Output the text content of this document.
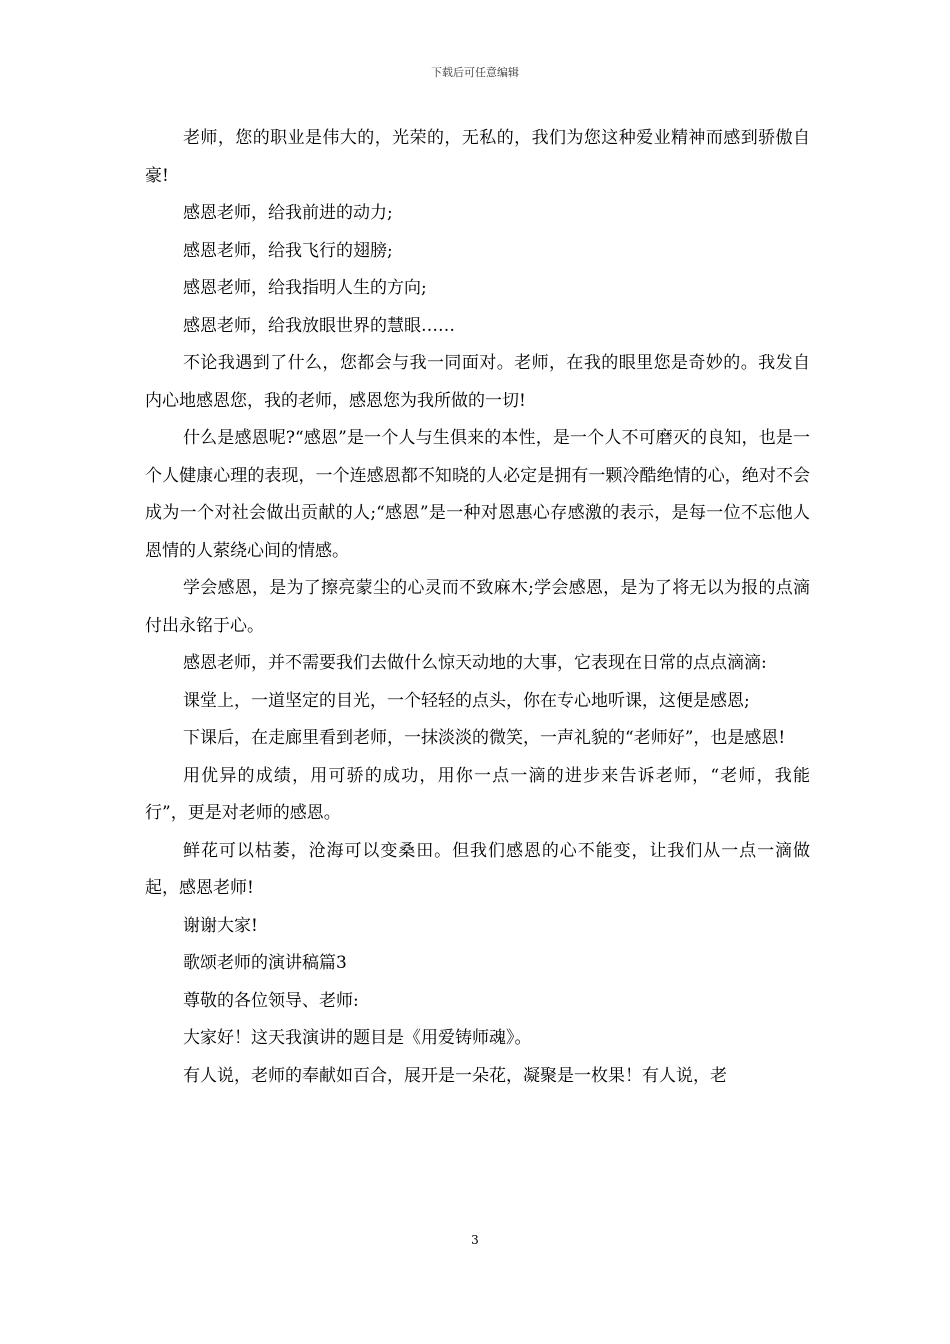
下载后可任意编辑

老师，您的职业是伟大的，光荣的，无私的，我们为您这种爱业精神而感到骄傲自豪!

感恩老师，给我前进的动力;

感恩老师，给我飞行的翅膀;

感恩老师，给我指明人生的方向;

感恩老师，给我放眼世界的慧眼……

不论我遇到了什么，您都会与我一同面对。老师，在我的眼里您是奇妙的。我发自内心地感恩您，我的老师，感恩您为我所做的一切!

什么是感恩呢?“感恩”是一个人与生俱来的本性，是一个人不可磨灭的良知，也是一个人健康心理的表现，一个连感恩都不知晓的人必定是拥有一颗冷酷绝情的心，绝对不会成为一个对社会做出贡献的人;“感恩”是一种对恩惠心存感激的表示，是每一位不忘他人恩情的人萦绕心间的情感。

学会感恩，是为了擦亮蒙尘的心灵而不致麻木;学会感恩，是为了将无以为报的点滴付出永铭于心。

感恩老师，并不需要我们去做什么惊天动地的大事，它表现在日常的点点滴滴:

课堂上，一道坚定的目光，一个轻轻的点头，你在专心地听课，这便是感恩;

下课后，在走廊里看到老师，一抹淡淡的微笑，一声礼貌的“老师好”，也是感恩!

用优异的成绩，用可骄的成功，用你一点一滴的进步来告诉老师，“老师，我能行”，更是对老师的感恩。

鲜花可以枯萎，沧海可以变桑田。但我们感恩的心不能变，让我们从一点一滴做起，感恩老师!

谢谢大家!

歌颂老师的演讲稿篇3

尊敬的各位领导、老师:

大家好！这天我演讲的题目是《用爱铸师魂》。

有人说，老师的奉献如百合，展开是一朵花，凝聚是一枚果！有人说，老

3
